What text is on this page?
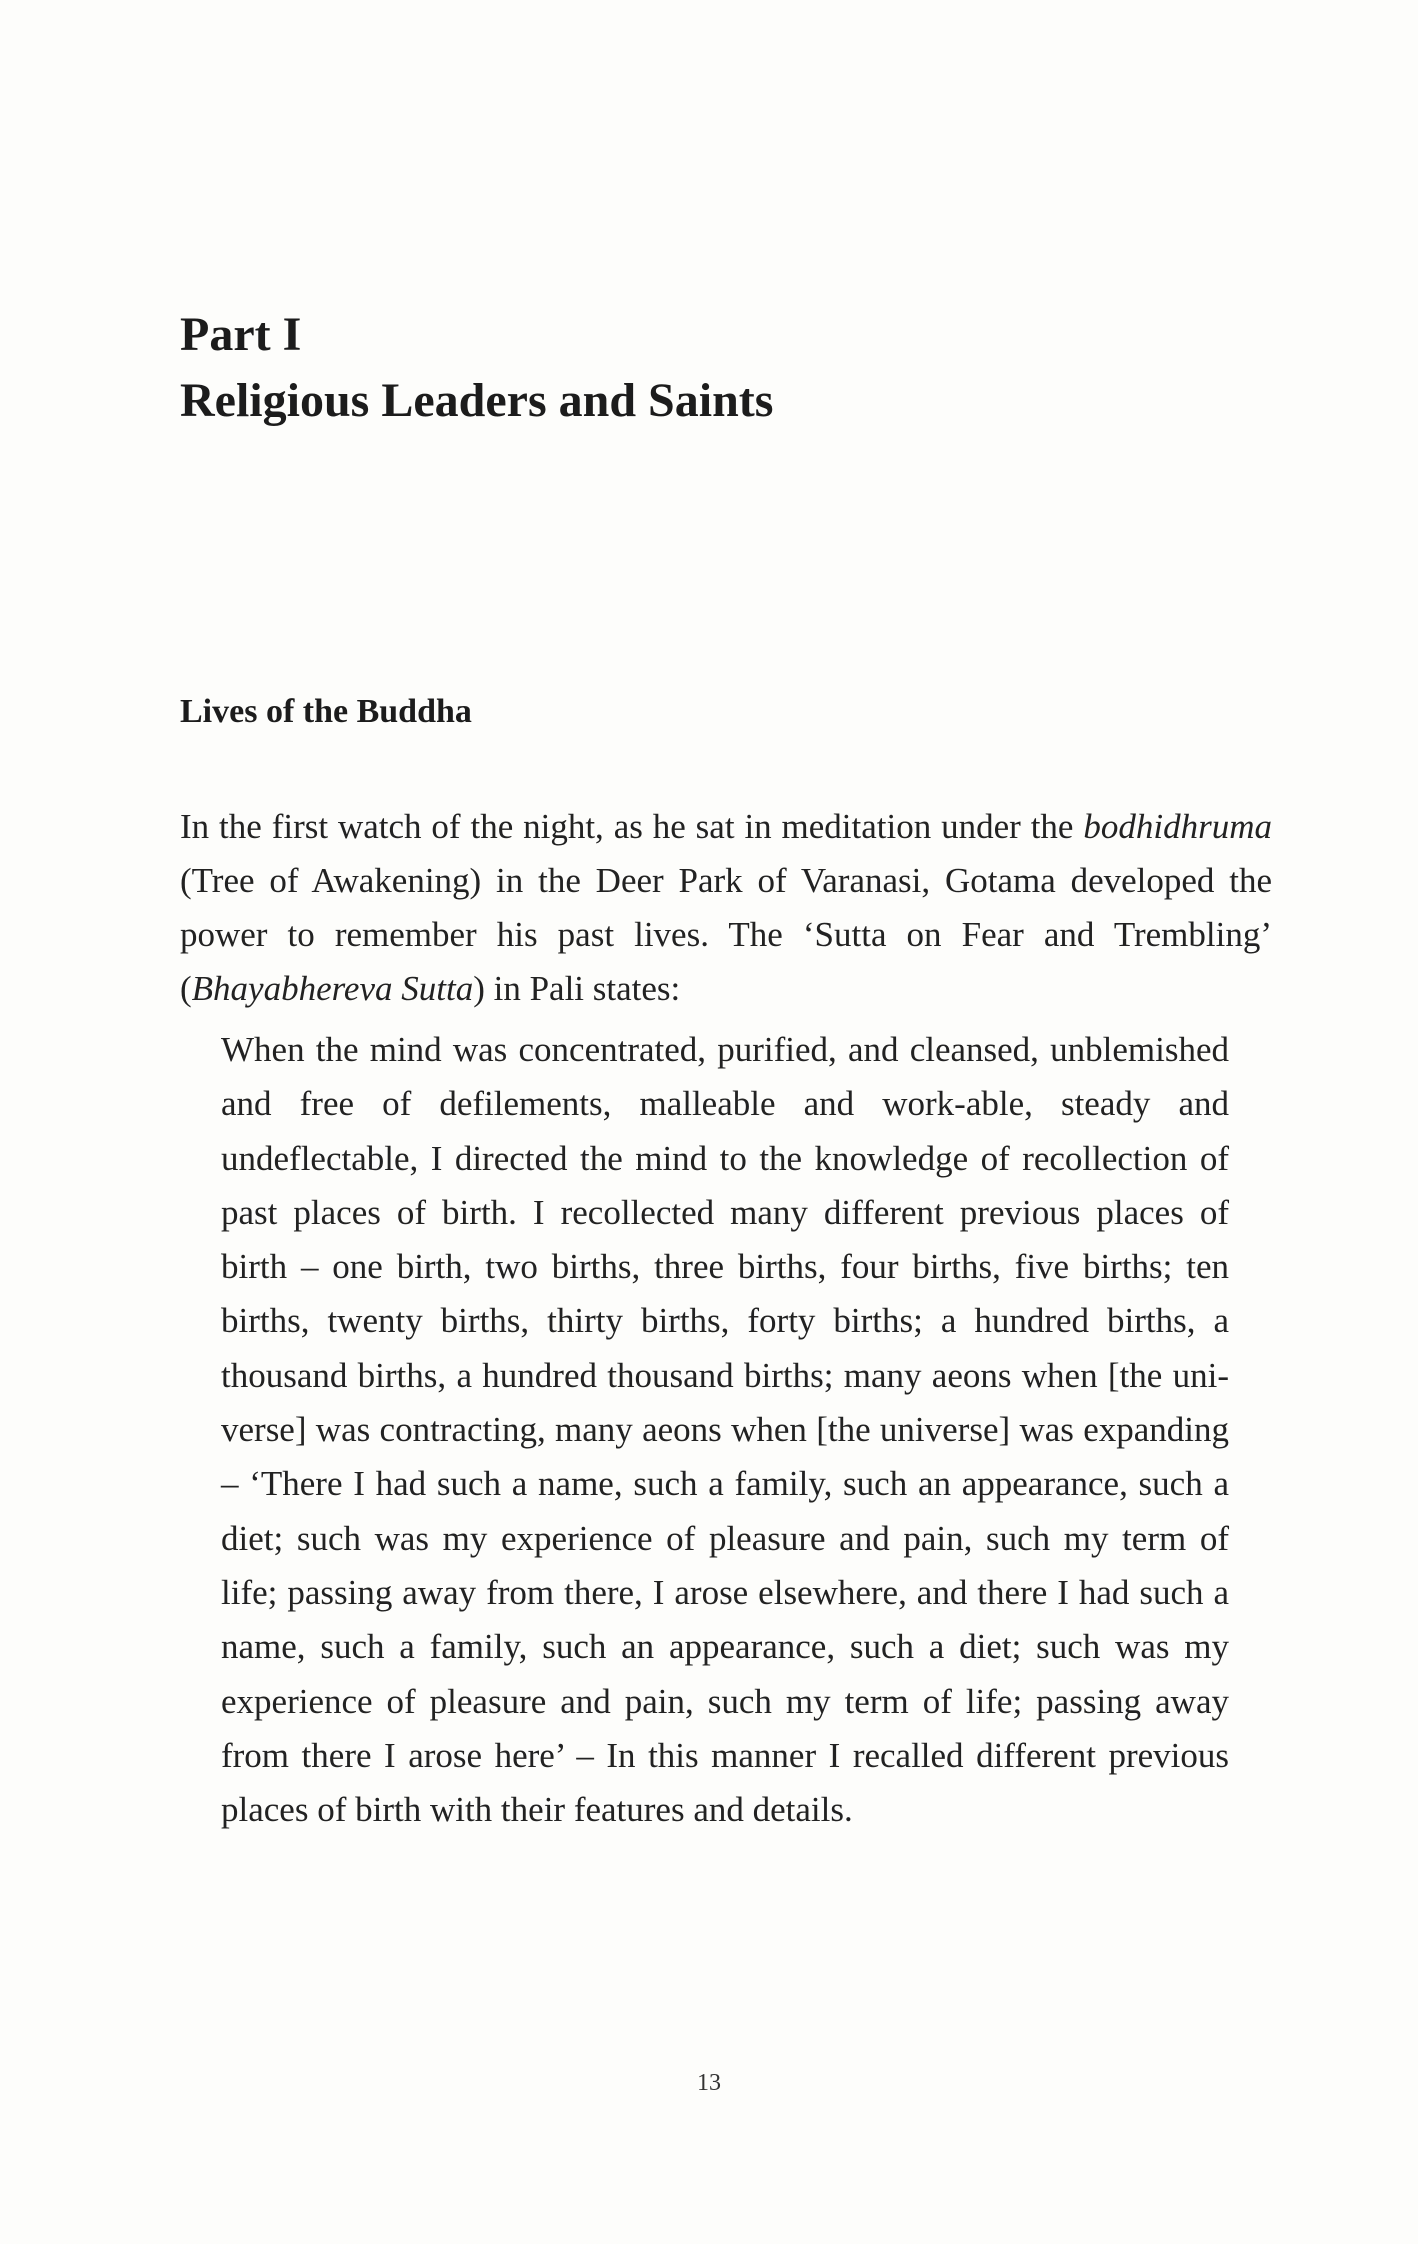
Part I
Religious Leaders and Saints
Lives of the Buddha

In the first watch of the night, as he sat in meditation under the bodhidhruma (Tree of Awakening) in the Deer Park of Varanasi, Gotama developed the power to remember his past lives. The ‘Sutta on Fear and Trembling’ (Bhayabhereva Sutta) in Pali states:

When the mind was concentrated, purified, and cleansed, unblemished and free of defilements, malleable and work-able, steady and undeflectable, I directed the mind to the knowledge of recollection of past places of birth. I recollected many different previous places of birth – one birth, two births, three births, four births, five births; ten births, twenty births, thirty births, forty births; a hundred births, a thousand births, a hundred thousand births; many aeons when [the uni-verse] was contracting, many aeons when [the universe] was expanding – ‘There I had such a name, such a family, such an appearance, such a diet; such was my experience of pleasure and pain, such my term of life; passing away from there, I arose elsewhere, and there I had such a name, such a family, such an appearance, such a diet; such was my experience of pleasure and pain, such my term of life; passing away from there I arose here’ – In this manner I recalled different previous places of birth with their features and details.

13
